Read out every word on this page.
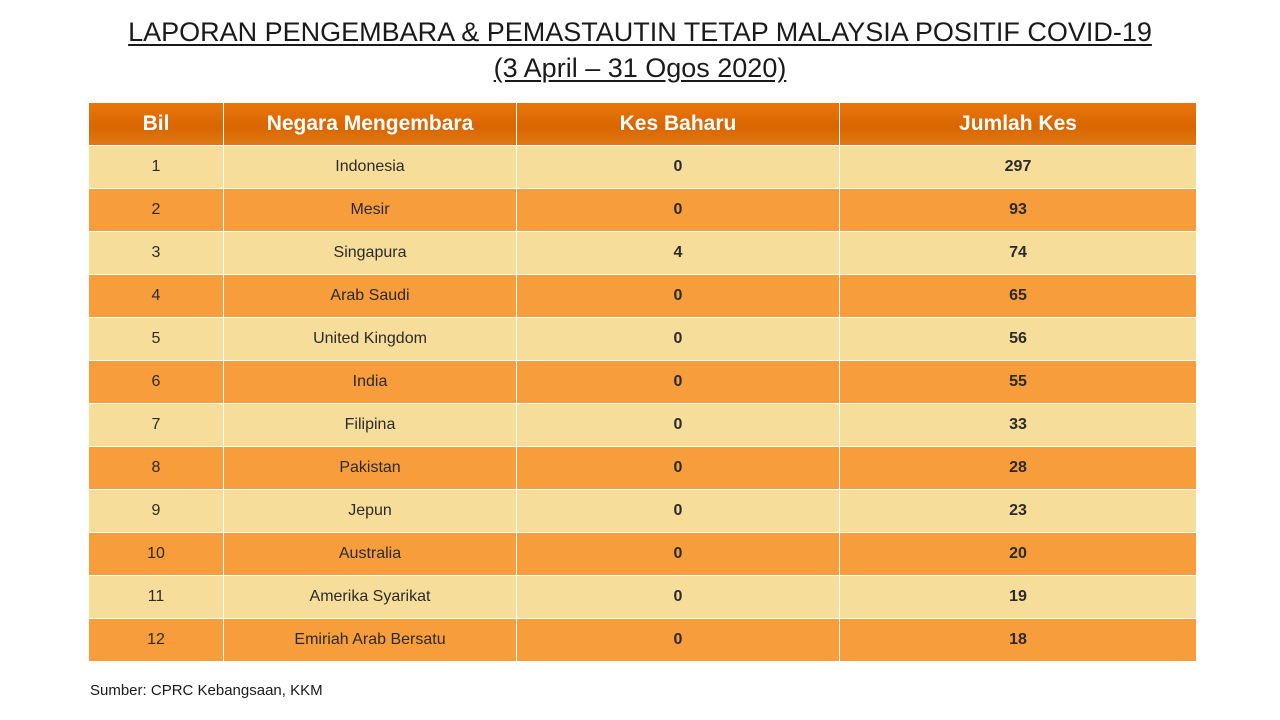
LAPORAN PENGEMBARA & PEMASTAUTIN TETAP MALAYSIA POSITIF COVID-19
(3 April – 31 Ogos 2020)
Bil	Negara Mengembara	Kes Baharu	Jumlah Kes
1	Indonesia	0	297
2	Mesir	0	93
3	Singapura	4	74
4	Arab Saudi	0	65
5	United Kingdom	0	56
6	India	0	55
7	Filipina	0	33
8	Pakistan	0	28
9	Jepun	0	23
10	Australia	0	20
11	Amerika Syarikat	0	19
12	Emiriah Arab Bersatu	0	18
Sumber: CPRC Kebangsaan, KKM
